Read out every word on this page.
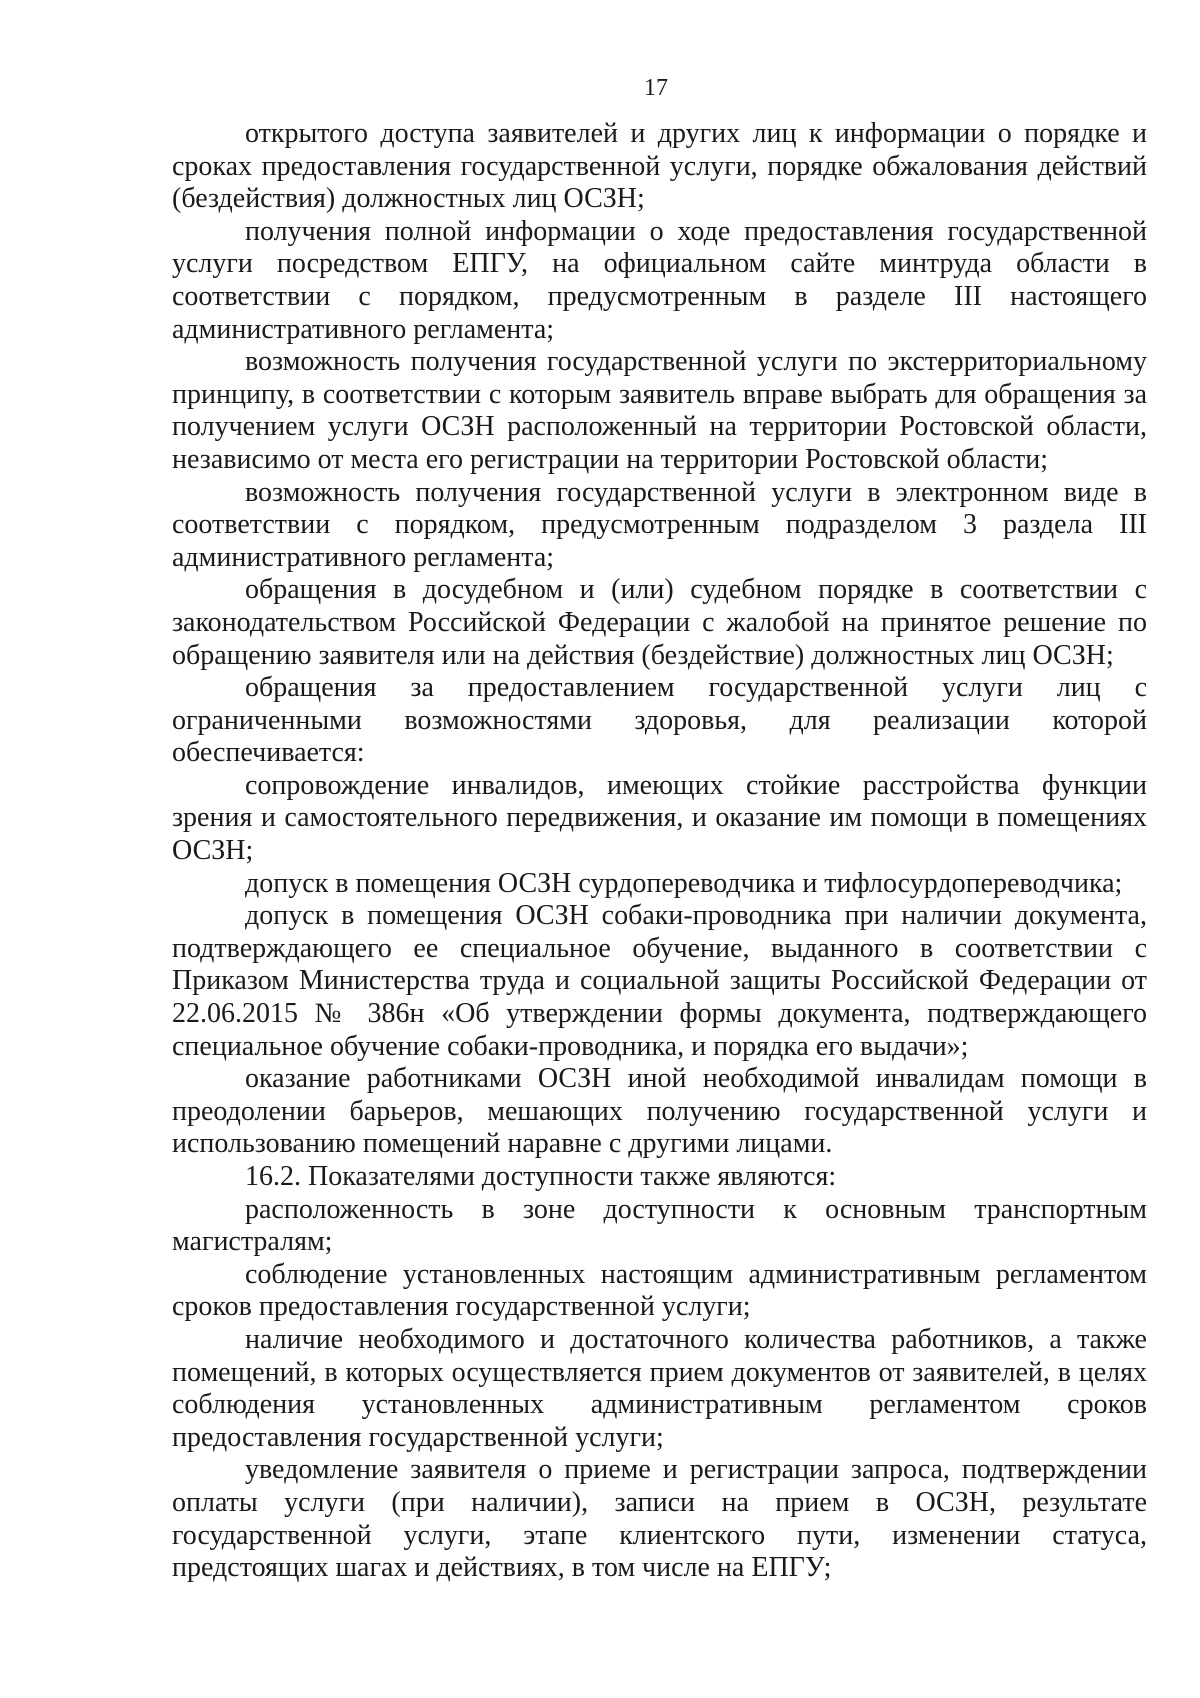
17

открытого доступа заявителей и других лиц к информации о порядке и сроках предоставления государственной услуги, порядке обжалования действий (бездействия) должностных лиц ОСЗН;

получения полной информации о ходе предоставления государственной услуги посредством ЕПГУ, на официальном сайте минтруда области в соответствии с порядком, предусмотренным в разделе III настоящего административного регламента;

возможность получения государственной услуги по экстерриториальному принципу, в соответствии с которым заявитель вправе выбрать для обращения за получением услуги ОСЗН расположенный на территории Ростовской области, независимо от места его регистрации на территории Ростовской области;

возможность получения государственной услуги в электронном виде в соответствии с порядком, предусмотренным подразделом 3 раздела III административного регламента;

обращения в досудебном и (или) судебном порядке в соответствии с законодательством Российской Федерации с жалобой на принятое решение по обращению заявителя или на действия (бездействие) должностных лиц ОСЗН;

обращения за предоставлением государственной услуги лиц с ограниченными возможностями здоровья, для реализации которой обеспечивается:

сопровождение инвалидов, имеющих стойкие расстройства функции зрения и самостоятельного передвижения, и оказание им помощи в помещениях ОСЗН;

допуск в помещения ОСЗН сурдопереводчика и тифлосурдопереводчика;

допуск в помещения ОСЗН собаки-проводника при наличии документа, подтверждающего ее специальное обучение, выданного в соответствии с Приказом Министерства труда и социальной защиты Российской Федерации от 22.06.2015 № 386н «Об утверждении формы документа, подтверждающего специальное обучение собаки-проводника, и порядка его выдачи»;

оказание работниками ОСЗН иной необходимой инвалидам помощи в преодолении барьеров, мешающих получению государственной услуги и использованию помещений наравне с другими лицами.

16.2. Показателями доступности также являются:

расположенность в зоне доступности к основным транспортным магистралям;

соблюдение установленных настоящим административным регламентом сроков предоставления государственной услуги;

наличие необходимого и достаточного количества работников, а также помещений, в которых осуществляется прием документов от заявителей, в целях соблюдения установленных административным регламентом сроков предоставления государственной услуги;

уведомление заявителя о приеме и регистрации запроса, подтверждении оплаты услуги (при наличии), записи на прием в ОСЗН, результате государственной услуги, этапе клиентского пути, изменении статуса, предстоящих шагах и действиях, в том числе на ЕПГУ;
